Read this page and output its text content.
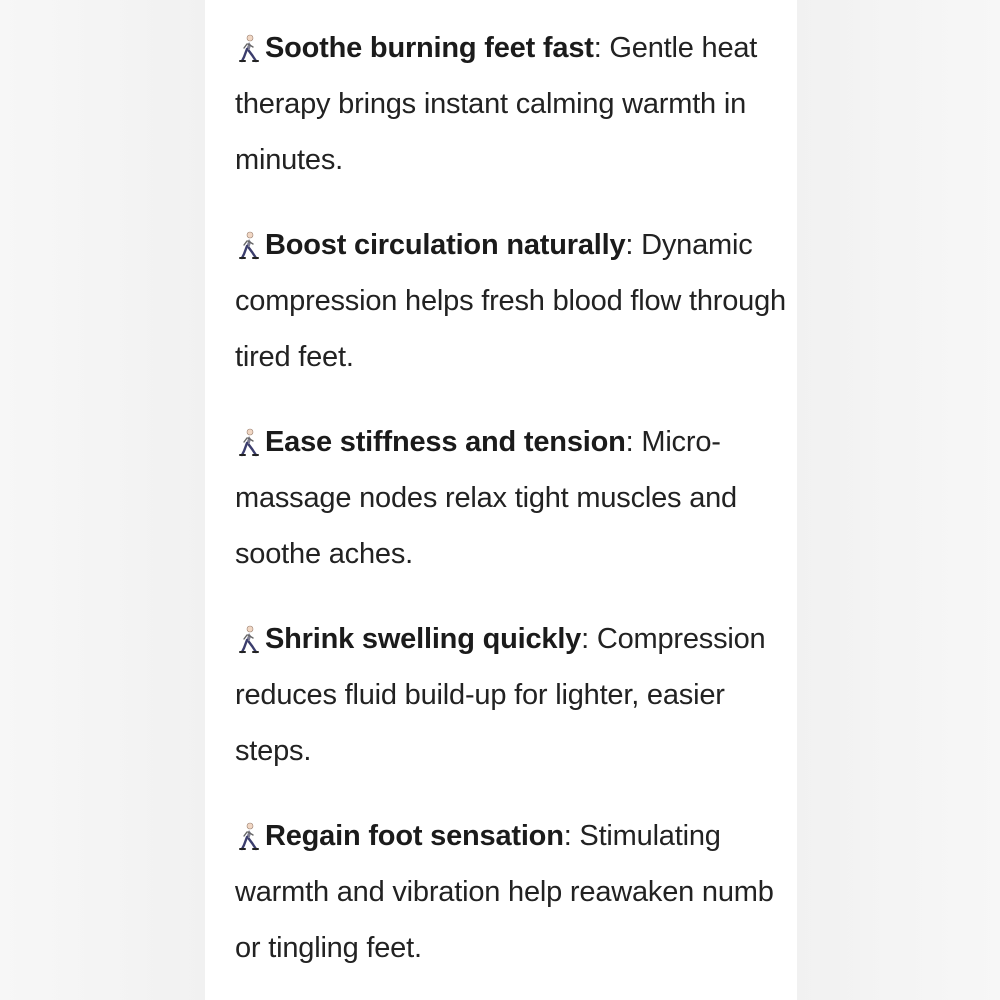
Soothe burning feet fast: Gentle heat therapy brings instant calming warmth in minutes.
Boost circulation naturally: Dynamic compression helps fresh blood flow through tired feet.
Ease stiffness and tension: Micro-massage nodes relax tight muscles and soothe aches.
Shrink swelling quickly: Compression reduces fluid build-up for lighter, easier steps.
Regain foot sensation: Stimulating warmth and vibration help reawaken numb or tingling feet.
